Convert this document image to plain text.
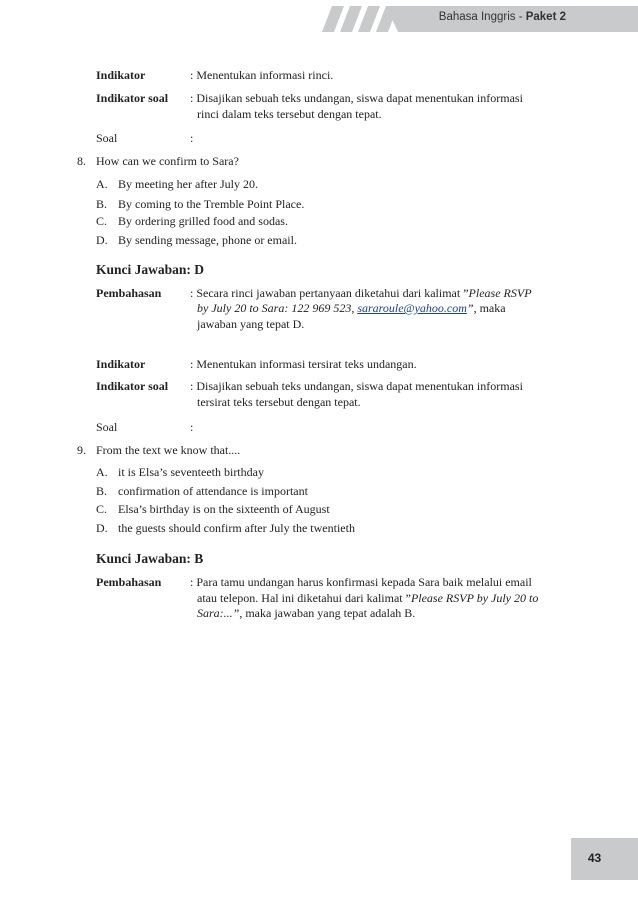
Bahasa Inggris - Paket 2
Indikator	: Menentukan informasi rinci.
Indikator soal : Disajikan sebuah teks undangan, siswa dapat menentukan informasi
rinci dalam teks tersebut dengan tepat.
Soal	:
8. How can we confirm to Sara?
A. By meeting her after July 20.
B. By coming to the Tremble Point Place.
C. By ordering grilled food and sodas.
D. By sending message, phone or email.
Kunci Jawaban: D
Pembahasan : Secara rinci jawaban pertanyaan diketahui dari kalimat ”Please RSVP
by July 20 to Sara: 122 969 523, sararoule@yahoo.com”, maka
jawaban yang tepat D.
Indikator	: Menentukan informasi tersirat teks undangan.
Indikator soal : Disajikan sebuah teks undangan, siswa dapat menentukan informasi
tersirat teks tersebut dengan tepat.
Soal	:
9. From the text we know that....
A. it is Elsa’s seventeeth birthday
B. confirmation of attendance is important
C. Elsa’s birthday is on the sixteenth of August
D. the guests should confirm after July the twentieth
Kunci Jawaban: B
Pembahasan : Para tamu undangan harus konfirmasi kepada Sara baik melalui email
atau telepon. Hal ini diketahui dari kalimat ”Please RSVP by July 20 to
Sara:...”, maka jawaban yang tepat adalah B.
43
